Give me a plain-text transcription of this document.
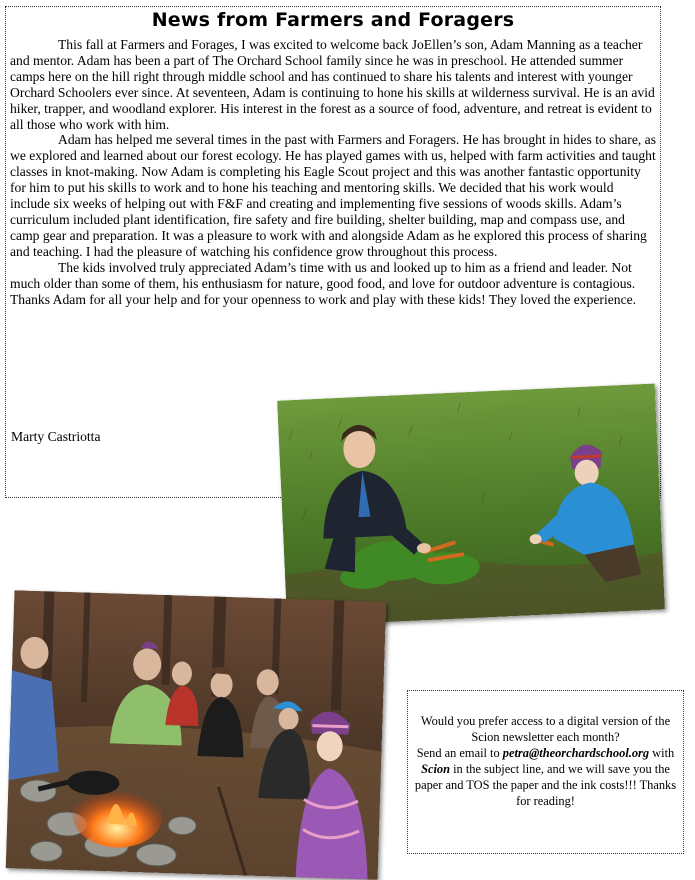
News from Farmers and Foragers

This fall at Farmers and Forages, I was excited to welcome back JoEllen’s son, Adam Manning as a teacher and mentor. Adam has been a part of The Orchard School family since he was in preschool. He attended summer camps here on the hill right through middle school and has continued to share his talents and interest with younger Orchard Schoolers ever since. At seventeen, Adam is continuing to hone his skills at wilderness survival. He is an avid hiker, trapper, and woodland explorer. His interest in the forest as a source of food, adventure, and retreat is evident to all those who work with him.

Adam has helped me several times in the past with Farmers and Foragers. He has brought in hides to share, as we explored and learned about our forest ecology. He has played games with us, helped with farm activities and taught classes in knot-making. Now Adam is completing his Eagle Scout project and this was another fantastic opportunity for him to put his skills to work and to hone his teaching and mentoring skills. We decided that his work would include six weeks of helping out with F&F and creating and implementing five sessions of woods skills. Adam’s curriculum included plant identification, fire safety and fire building, shelter building, map and compass use, and camp gear and preparation. It was a pleasure to work with and alongside Adam as he explored this process of sharing and teaching. I had the pleasure of watching his confidence grow throughout this process.

The kids involved truly appreciated Adam’s time with us and looked up to him as a friend and leader. Not much older than some of them, his enthusiasm for nature, good food, and love for outdoor adventure is contagious. Thanks Adam for all your help and for your openness to work and play with these kids! They loved the experience.

Marty Castriotta
Would you prefer access to a digital version of the Scion newsletter each month?
Send an email to petra@theorchardschool.org with Scion in the subject line, and we will save you the paper and TOS the paper and the ink costs!!! Thanks for reading!
